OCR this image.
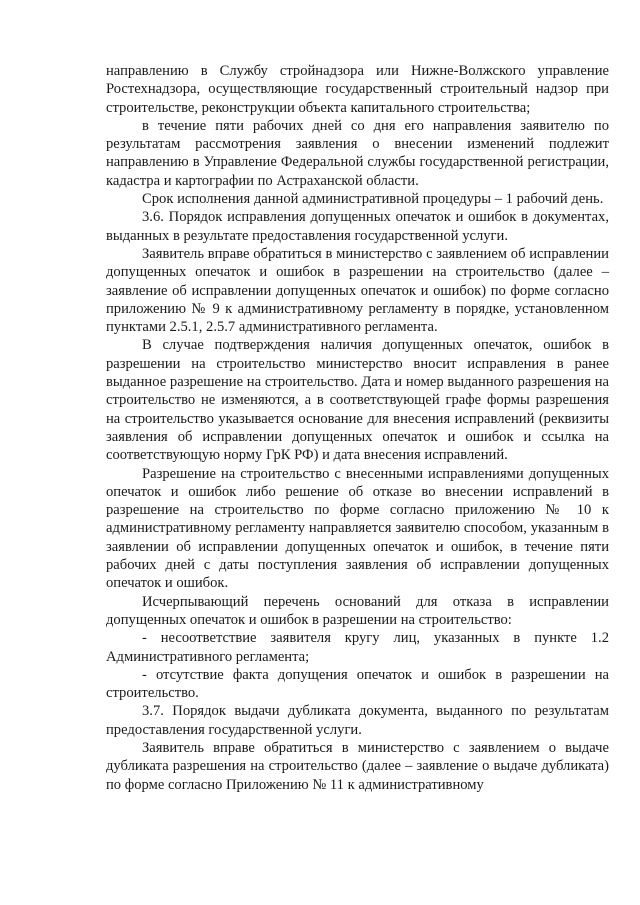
направлению в Службу стройнадзора или Нижне-Волжского управление Ростехнадзора, осуществляющие государственный строительный надзор при строительстве, реконструкции объекта капитального строительства;

в течение пяти рабочих дней со дня его направления заявителю по результатам рассмотрения заявления о внесении изменений подлежит направлению в Управление Федеральной службы государственной регистрации, кадастра и картографии по Астраханской области.

Срок исполнения данной административной процедуры – 1 рабочий день.

3.6. Порядок исправления допущенных опечаток и ошибок в документах, выданных в результате предоставления государственной услуги.

Заявитель вправе обратиться в министерство с заявлением об исправлении допущенных опечаток и ошибок в разрешении на строительство (далее – заявление об исправлении допущенных опечаток и ошибок) по форме согласно приложению № 9 к административному регламенту в порядке, установленном пунктами 2.5.1, 2.5.7 административного регламента.

В случае подтверждения наличия допущенных опечаток, ошибок в разрешении на строительство министерство вносит исправления в ранее выданное разрешение на строительство. Дата и номер выданного разрешения на строительство не изменяются, а в соответствующей графе формы разрешения на строительство указывается основание для внесения исправлений (реквизиты заявления об исправлении допущенных опечаток и ошибок и ссылка на соответствующую норму ГрК РФ) и дата внесения исправлений.

Разрешение на строительство с внесенными исправлениями допущенных опечаток и ошибок либо решение об отказе во внесении исправлений в разрешение на строительство по форме согласно приложению № 10 к административному регламенту направляется заявителю способом, указанным в заявлении об исправлении допущенных опечаток и ошибок, в течение пяти рабочих дней с даты поступления заявления об исправлении допущенных опечаток и ошибок.

Исчерпывающий перечень оснований для отказа в исправлении допущенных опечаток и ошибок в разрешении на строительство:

- несоответствие заявителя кругу лиц, указанных в пункте 1.2 Административного регламента;

- отсутствие факта допущения опечаток и ошибок в разрешении на строительство.

3.7. Порядок выдачи дубликата документа, выданного по результатам предоставления государственной услуги.

Заявитель вправе обратиться в министерство с заявлением о выдаче дубликата разрешения на строительство (далее – заявление о выдаче дубликата) по форме согласно Приложению № 11 к административному
